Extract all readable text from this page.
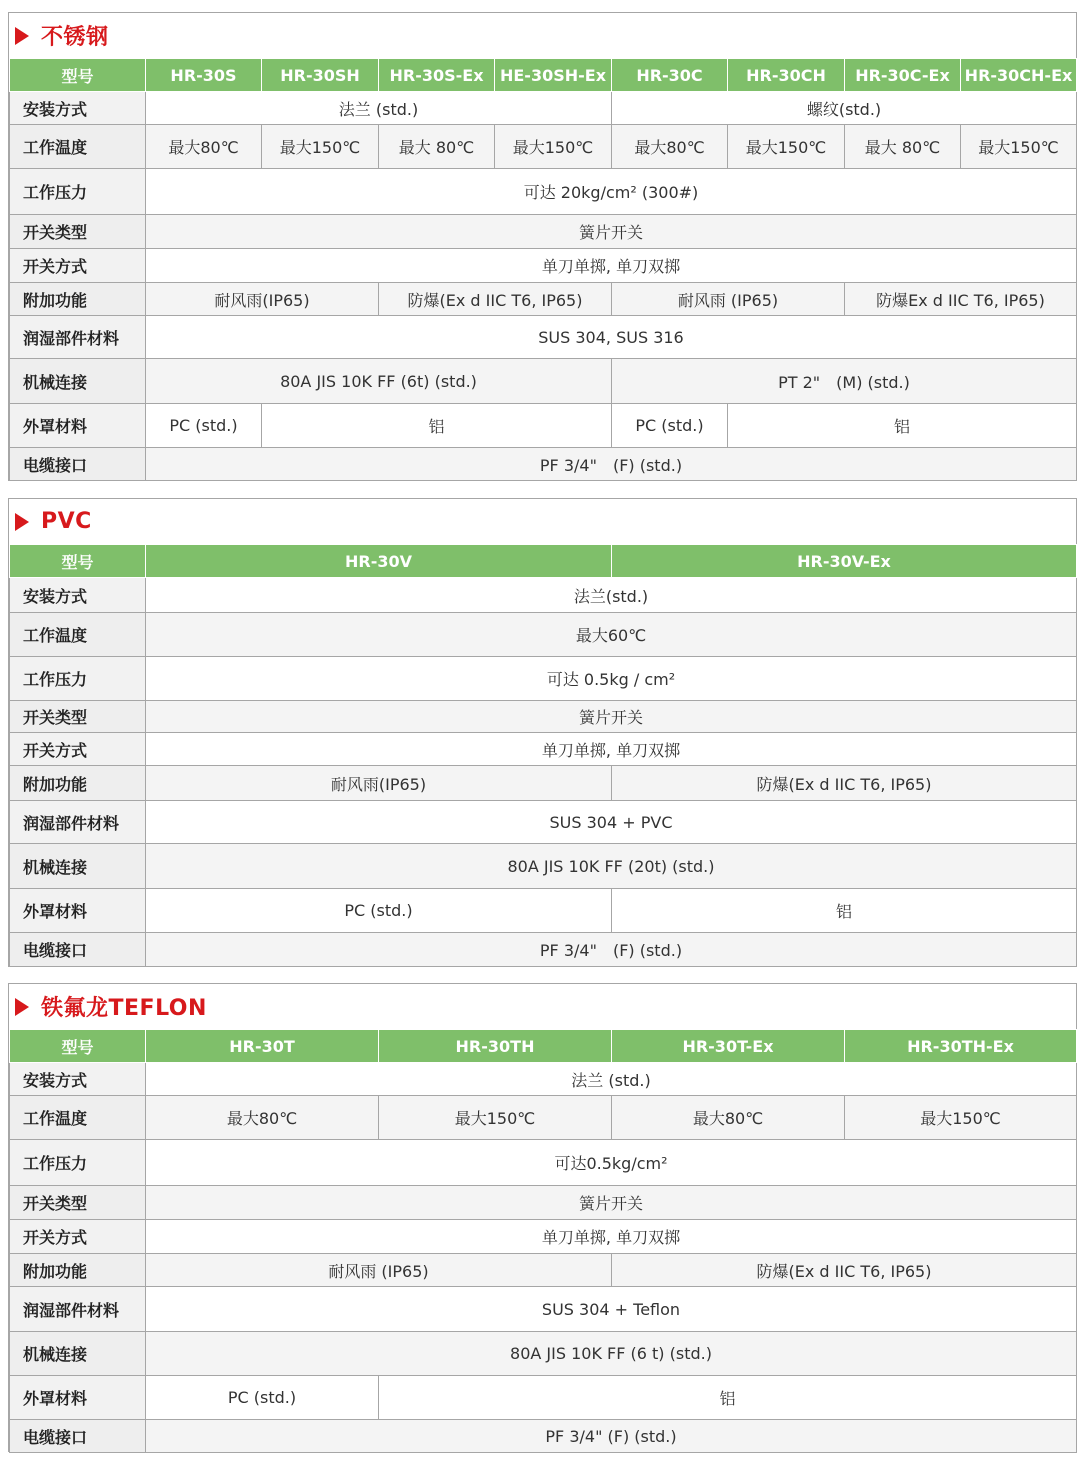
不锈钢
型号	HR-30S	HR-30SH	HR-30S-Ex	HE-30SH-Ex	HR-30C	HR-30CH	HR-30C-Ex	HR-30CH-Ex
安装方式	法兰 (std.)				螺纹(std.)			
工作温度	最大80℃	最大150℃	最大 80℃	最大150℃	最大80℃	最大150℃	最大 80℃	最大150℃
工作压力	可达 20kg/cm² (300#)							
开关类型	簧片开关							
开关方式	单刀单掷, 单刀双掷							
附加功能	耐风雨(IP65)		防爆(Ex d IIC T6, IP65)		耐风雨 (IP65)		防爆Ex d IIC T6, IP65)	
润湿部件材料	SUS 304, SUS 316							
机械连接	80A JIS 10K FF (6t) (std.)				PT 2"　(M) (std.)			
外罩材料	PC (std.)	铝			PC (std.)	铝		
电缆接口	PF 3/4"　(F) (std.)							
PVC
型号	HR-30V	HR-30V-Ex
安装方式	法兰(std.)	
工作温度	最大60℃	
工作压力	可达 0.5kg / cm²	
开关类型	簧片开关	
开关方式	单刀单掷, 单刀双掷	
附加功能	耐风雨(IP65)	防爆(Ex d IIC T6, IP65)
润湿部件材料	SUS 304 + PVC	
机械连接	80A JIS 10K FF (20t) (std.)	
外罩材料	PC (std.)	铝
电缆接口	PF 3/4"　(F) (std.)	
铁氟龙TEFLON
型号	HR-30T	HR-30TH	HR-30T-Ex	HR-30TH-Ex
安装方式	法兰 (std.)			
工作温度	最大80℃	最大150℃	最大80℃	最大150℃
工作压力	可达0.5kg/cm²			
开关类型	簧片开关			
开关方式	单刀单掷, 单刀双掷			
附加功能	耐风雨 (IP65)		防爆(Ex d IIC T6, IP65)	
润湿部件材料	SUS 304 + Teflon			
机械连接	80A JIS 10K FF (6 t) (std.)			
外罩材料	PC (std.)	铝		
电缆接口	PF 3/4" (F) (std.)			
